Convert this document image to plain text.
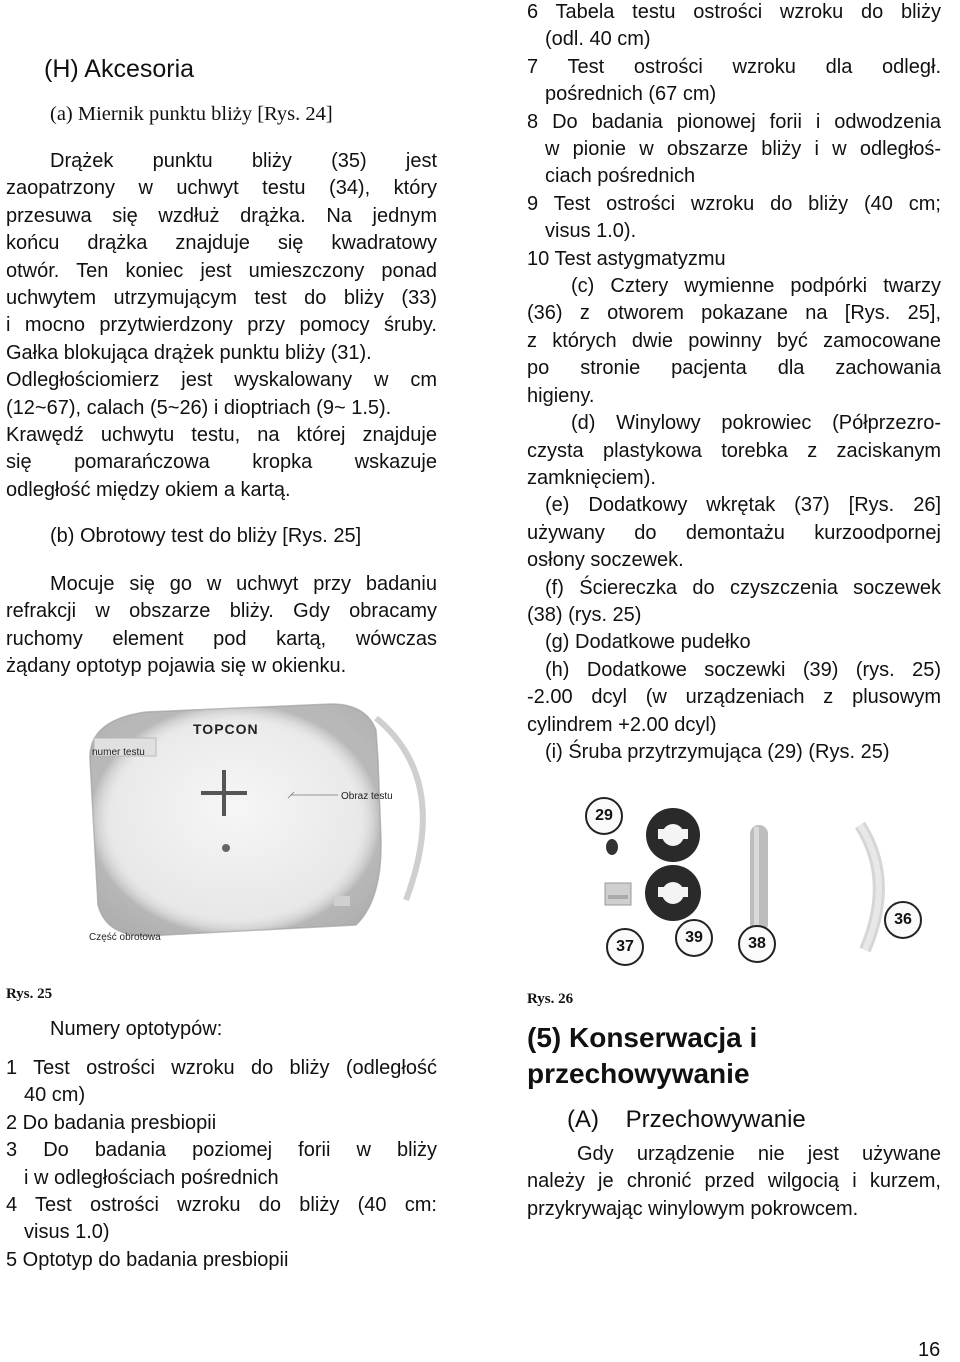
(H) Akcesoria
(a) Miernik punktu bliży [Rys. 24]
Drążek punktu bliży (35) jest
zaopatrzony w uchwyt testu (34), który
przesuwa się wzdłuż drążka. Na jednym
końcu drążka znajduje się kwadratowy
otwór. Ten koniec jest umieszczony ponad
uchwytem utrzymującym test do bliży (33)
i mocno przytwierdzony przy pomocy śruby.
Gałka blokująca drążek punktu bliży (31).
Odległościomierz jest wyskalowany w cm
(12~67), calach (5~26) i dioptriach (9~ 1.5).
Krawędź uchwytu testu, na której znajduje
się pomarańczowa kropka wskazuje
odległość między okiem a kartą.
(b) Obrotowy test do bliży [Rys. 25]
Mocuje się go w uchwyt przy badaniu
refrakcji w obszarze bliży. Gdy obracamy
ruchomy element pod kartą, wówczas
żądany optotyp pojawia się w okienku.
numer testu
Obraz testu
Część obrotowa
TOPCON
Rys. 25
Numery optotypów:
1 Test ostrości wzroku do bliży (odległość
40 cm)
2 Do badania presbiopii
3 Do badania poziomej forii w bliży
i w odległościach pośrednich
4 Test ostrości wzroku do bliży (40 cm:
visus 1.0)
5 Optotyp do badania presbiopii
6 Tabela testu ostrości wzroku do bliży
(odl. 40 cm)
7 Test ostrości wzroku dla odległ.
pośrednich (67 cm)
8 Do badania pionowej forii i odwodzenia
w pionie w obszarze bliży i w odległoś-
ciach pośrednich
9 Test ostrości wzroku do bliży (40 cm;
visus 1.0).
10 Test astygmatyzmu
(c) Cztery wymienne podpórki twarzy
(36) z otworem pokazane na [Rys. 25],
z których dwie powinny być zamocowane
po stronie pacjenta dla zachowania
higieny.
(d) Winylowy pokrowiec (Półprzezro-
czysta plastykowa torebka z zaciskanym
zamknięciem).
(e) Dodatkowy wkrętak (37) [Rys. 26]
używany do demontażu kurzoodpornej
osłony soczewek.
(f) Ściereczka do czyszczenia soczewek
(38) (rys. 25)
(g) Dodatkowe pudełko
(h) Dodatkowe soczewki (39) (rys. 25)
-2.00 dcyl (w urządzeniach z plusowym
cylindrem +2.00 dcyl)
(i) Śruba przytrzymująca (29) (Rys. 25)
29
37
39	38
36
Rys. 26
(5) Konserwacja i
przechowywanie
(A)    Przechowywanie
Gdy urządzenie nie jest używane
należy je chronić przed wilgocią i kurzem,
przykrywając winylowym pokrowcem.
16
